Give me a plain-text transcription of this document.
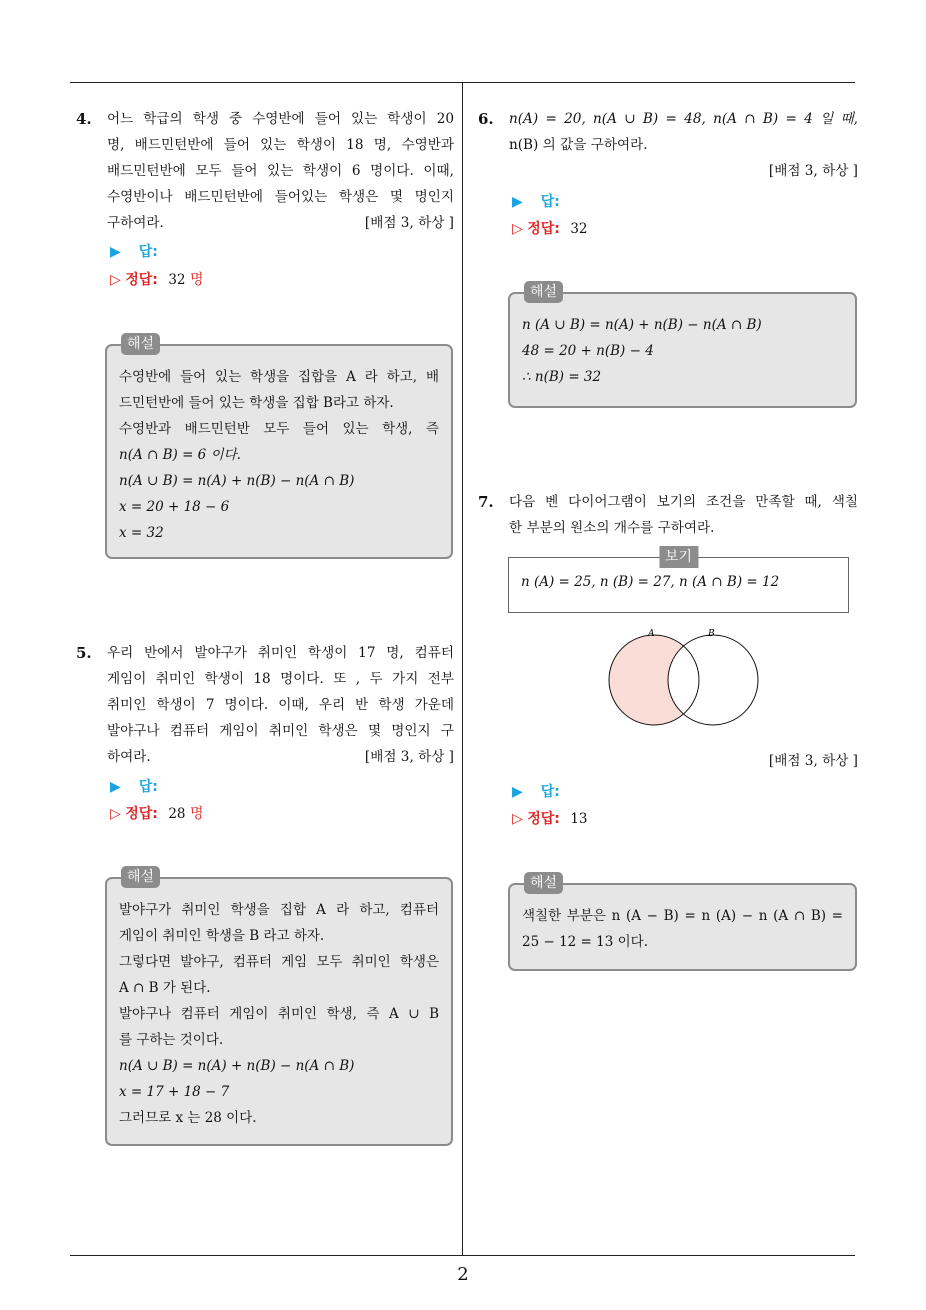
2
4. 어느 학급의 학생 중 수영반에 들어 있는 학생이 20
명, 배드민턴반에 들어 있는 학생이 18 명, 수영반과
배드민턴반에 모두 들어 있는 학생이 6 명이다. 이때,
수영반이나 배드민턴반에 들어있는 학생은 몇 명인지
구하여라.	[배점 3, 하상 ]
▶ 답:
▷ 정답: 32 명
해설
수영반에 들어 있는 학생을 집합을 A 라 하고, 배
드민턴반에 들어 있는 학생을 집합 B라고 하자.
수영반과 배드민턴반 모두 들어 있는 학생, 즉
n(A ∩ B) = 6 이다.
n(A ∪ B) = n(A) + n(B) − n(A ∩ B)
x = 20 + 18 − 6
x = 32
5. 우리 반에서 발야구가 취미인 학생이 17 명, 컴퓨터
게임이 취미인 학생이 18 명이다. 또 , 두 가지 전부
취미인 학생이 7 명이다. 이때, 우리 반 학생 가운데
발야구나 컴퓨터 게임이 취미인 학생은 몇 명인지 구
하여라.	[배점 3, 하상 ]
▶ 답:
▷ 정답: 28 명
해설
발야구가 취미인 학생을 집합 A 라 하고, 컴퓨터
게임이 취미인 학생을 B 라고 하자.
그렇다면 발야구, 컴퓨터 게임 모두 취미인 학생은
A ∩ B 가 된다.
발야구나 컴퓨터 게임이 취미인 학생, 즉 A ∪ B
를 구하는 것이다.
n(A ∪ B) = n(A) + n(B) − n(A ∩ B)
x = 17 + 18 − 7
그러므로 x 는 28 이다.
6. n(A) = 20, n(A ∪ B) = 48, n(A ∩ B) = 4 일 때,
n(B) 의 값을 구하여라.
[배점 3, 하상 ]
▶ 답:
▷ 정답: 32
해설
n (A ∪ B) = n(A) + n(B) − n(A ∩ B)
48 = 20 + n(B) − 4
∴ n(B) = 32
7. 다음 벤 다이어그램이 보기의 조건을 만족할 때, 색칠
한 부분의 원소의 개수를 구하여라.
보기
n (A) = 25, n (B) = 27, n (A ∩ B) = 12
A	B
[배점 3, 하상 ]
▶ 답:
▷ 정답: 13
해설
색칠한 부분은 n (A − B) = n (A) − n (A ∩ B) =
25 − 12 = 13 이다.
